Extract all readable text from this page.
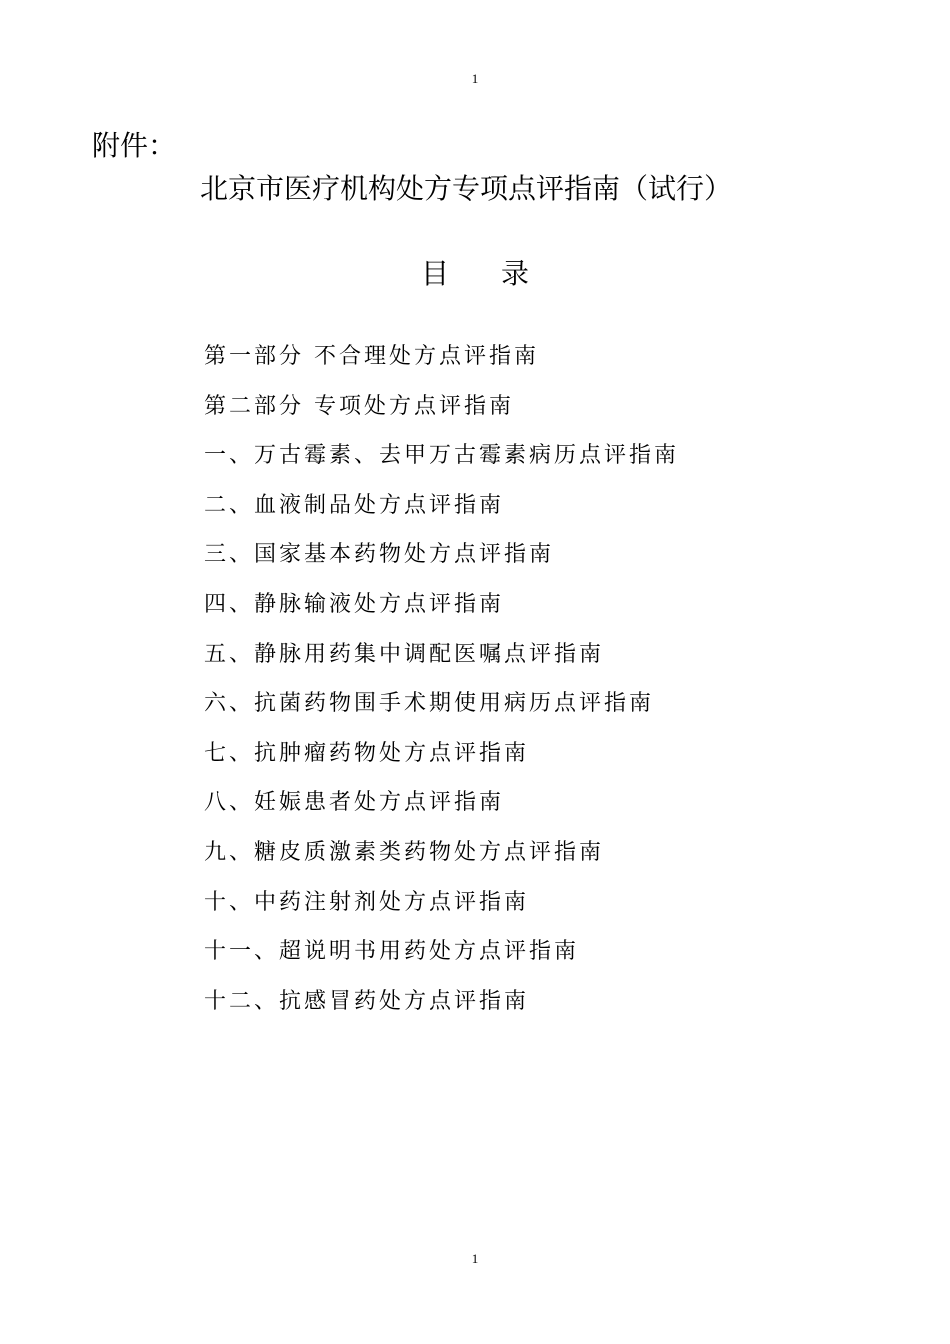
1
附件：
北京市医疗机构处方专项点评指南（试行）
目 录
第一部分 不合理处方点评指南
第二部分 专项处方点评指南
一、万古霉素、去甲万古霉素病历点评指南
二、血液制品处方点评指南
三、国家基本药物处方点评指南
四、静脉输液处方点评指南
五、静脉用药集中调配医嘱点评指南
六、抗菌药物围手术期使用病历点评指南
七、抗肿瘤药物处方点评指南
八、妊娠患者处方点评指南
九、糖皮质激素类药物处方点评指南
十、中药注射剂处方点评指南
十一、超说明书用药处方点评指南
十二、抗感冒药处方点评指南
1
